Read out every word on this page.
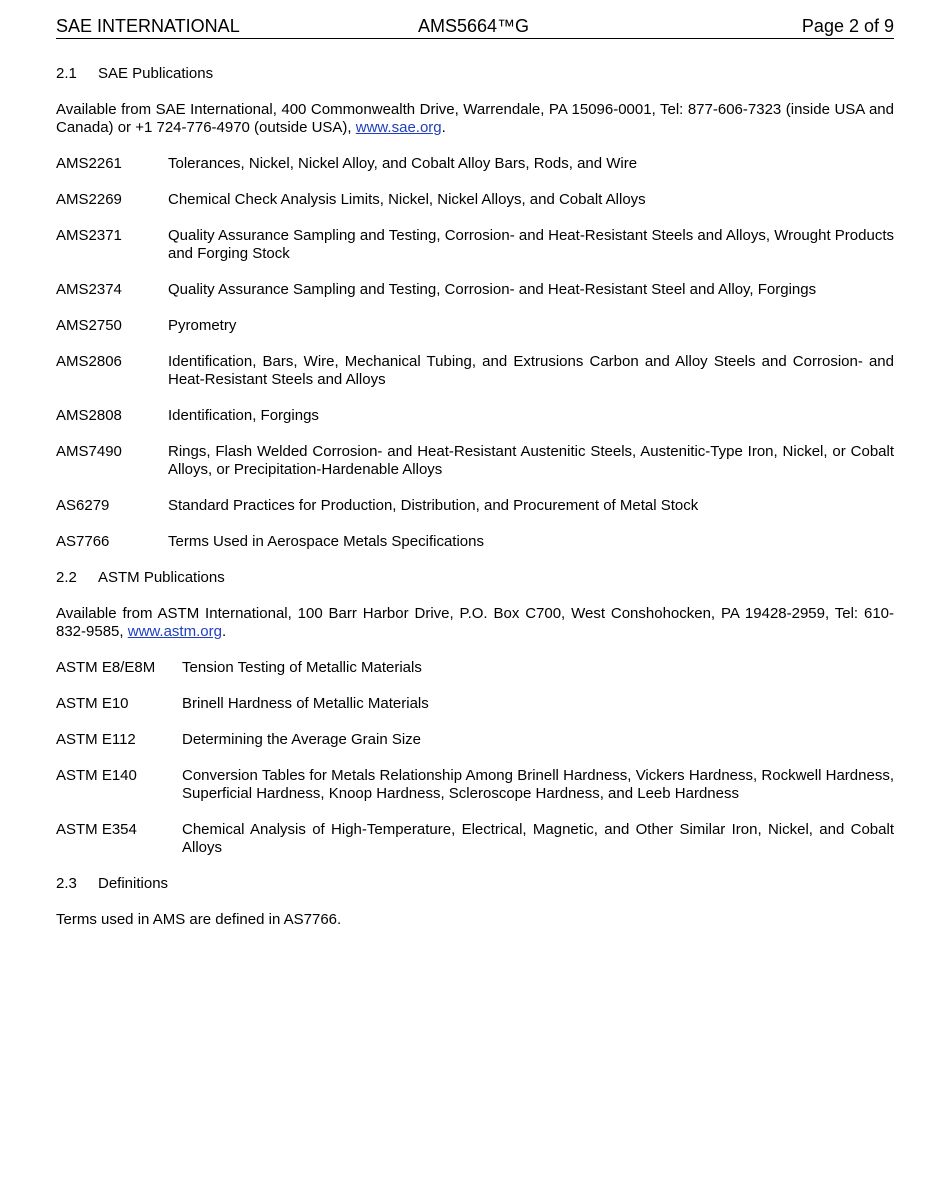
SAE INTERNATIONAL	AMS5664™G	Page 2 of 9
2.1 SAE Publications
Available from SAE International, 400 Commonwealth Drive, Warrendale, PA 15096-0001, Tel: 877-606-7323 (inside USA and Canada) or +1 724-776-4970 (outside USA), www.sae.org.
AMS2261	Tolerances, Nickel, Nickel Alloy, and Cobalt Alloy Bars, Rods, and Wire
AMS2269	Chemical Check Analysis Limits, Nickel, Nickel Alloys, and Cobalt Alloys
AMS2371	Quality Assurance Sampling and Testing, Corrosion- and Heat-Resistant Steels and Alloys, Wrought Products and Forging Stock
AMS2374	Quality Assurance Sampling and Testing, Corrosion- and Heat-Resistant Steel and Alloy, Forgings
AMS2750	Pyrometry
AMS2806	Identification, Bars, Wire, Mechanical Tubing, and Extrusions Carbon and Alloy Steels and Corrosion- and Heat-Resistant Steels and Alloys
AMS2808	Identification, Forgings
AMS7490	Rings, Flash Welded Corrosion- and Heat-Resistant Austenitic Steels, Austenitic-Type Iron, Nickel, or Cobalt Alloys, or Precipitation-Hardenable Alloys
AS6279	Standard Practices for Production, Distribution, and Procurement of Metal Stock
AS7766	Terms Used in Aerospace Metals Specifications
2.2 ASTM Publications
Available from ASTM International, 100 Barr Harbor Drive, P.O. Box C700, West Conshohocken, PA 19428-2959, Tel: 610-832-9585, www.astm.org.
ASTM E8/E8M	Tension Testing of Metallic Materials
ASTM E10	Brinell Hardness of Metallic Materials
ASTM E112	Determining the Average Grain Size
ASTM E140	Conversion Tables for Metals Relationship Among Brinell Hardness, Vickers Hardness, Rockwell Hardness, Superficial Hardness, Knoop Hardness, Scleroscope Hardness, and Leeb Hardness
ASTM E354	Chemical Analysis of High-Temperature, Electrical, Magnetic, and Other Similar Iron, Nickel, and Cobalt Alloys
2.3 Definitions
Terms used in AMS are defined in AS7766.
